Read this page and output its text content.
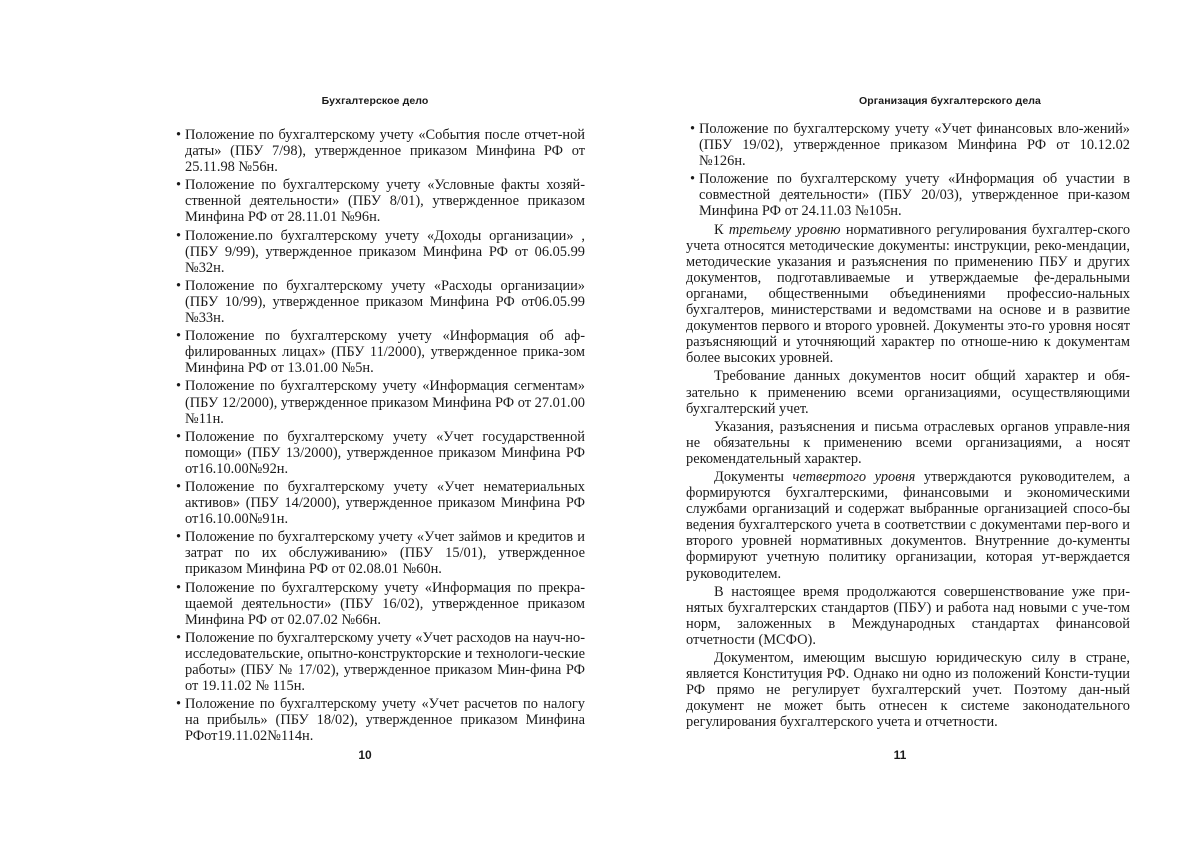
Бухгалтерское дело
• Положение по бухгалтерскому учету «События после отчет-ной даты» (ПБУ 7/98), утвержденное приказом Минфина РФ от 25.11.98 №56н.
• Положение по бухгалтерскому учету «Условные факты хозяй-ственной деятельности» (ПБУ 8/01), утвержденное приказом Минфина РФ от 28.11.01 №96н.
• Положение.по бухгалтерскому учету «Доходы организации» , (ПБУ 9/99), утвержденное приказом Минфина РФ от 06.05.99 №32н.
• Положение по бухгалтерскому учету «Расходы организации» (ПБУ 10/99), утвержденное приказом Минфина РФ от06.05.99 №33н.
• Положение по бухгалтерскому учету «Информация об аф-филированных лицах» (ПБУ 11/2000), утвержденное прика-зом Минфина РФ от 13.01.00 №5н.
• Положение по бухгалтерскому учету «Информация сегментам» (ПБУ 12/2000), утвержденное приказом Минфина РФ от 27.01.00 №11н.
• Положение по бухгалтерскому учету «Учет государственной помощи» (ПБУ 13/2000), утвержденное приказом Минфина РФ от16.10.00№92н.
• Положение по бухгалтерскому учету «Учет нематериальных активов» (ПБУ 14/2000), утвержденное приказом Минфина РФ от16.10.00№91н.
• Положение по бухгалтерскому учету «Учет займов и кредитов и затрат по их обслуживанию» (ПБУ 15/01), утвержденное приказом Минфина РФ от 02.08.01 №60н.
• Положение по бухгалтерскому учету «Информация по прекра-щаемой деятельности» (ПБУ 16/02), утвержденное приказом Минфина РФ от 02.07.02 №66н.
• Положение по бухгалтерскому учету «Учет расходов на науч-но-исследовательские, опытно-конструкторские и технологи-ческие работы» (ПБУ № 17/02), утвержденное приказом Мин-фина РФ от 19.11.02 № 115н.
• Положение по бухгалтерскому учету «Учет расчетов по налогу на прибыль» (ПБУ 18/02), утвержденное приказом Минфина РФот19.11.02№114н.
10
Организация бухгалтерского дела
• Положение по бухгалтерскому учету «Учет финансовых вло-жений» (ПБУ 19/02), утвержденное приказом Минфина РФ от 10.12.02 №126н.
• Положение по бухгалтерскому учету «Информация об участии в совместной деятельности» (ПБУ 20/03), утвержденное при-казом Минфина РФ от 24.11.03 №105н.

К третьему уровню нормативного регулирования бухгалтер-ского учета относятся методические документы: инструкции, реко-мендации, методические указания и разъяснения по применению ПБУ и других документов, подготавливаемые и утверждаемые фе-деральными органами, общественными объединениями профессио-нальных бухгалтеров, министерствами и ведомствами на основе и в развитие документов первого и второго уровней. Документы это-го уровня носят разъясняющий и уточняющий характер по отноше-нию к документам более высоких уровней.

Требование данных документов носит общий характер и обя-зательно к применению всеми организациями, осуществляющими бухгалтерский учет.

Указания, разъяснения и письма отраслевых органов управле-ния не обязательны к применению всеми организациями, а носят рекомендательный характер.

Документы четвертого уровня утверждаются руководителем, а формируются бухгалтерскими, финансовыми и экономическими службами организаций и содержат выбранные организацией спосо-бы ведения бухгалтерского учета в соответствии с документами пер-вого и второго уровней нормативных документов. Внутренние до-кументы формируют учетную политику организации, которая ут-верждается руководителем.

В настоящее время продолжаются совершенствование уже при-нятых бухгалтерских стандартов (ПБУ) и работа над новыми с уче-том норм, заложенных в Международных стандартах финансовой отчетности (МСФО).

Документом, имеющим высшую юридическую силу в стране, является Конституция РФ. Однако ни одно из положений Консти-туции РФ прямо не регулирует бухгалтерский учет. Поэтому дан-ный документ не может быть отнесен к системе законодательного регулирования бухгалтерского учета и отчетности.

11
